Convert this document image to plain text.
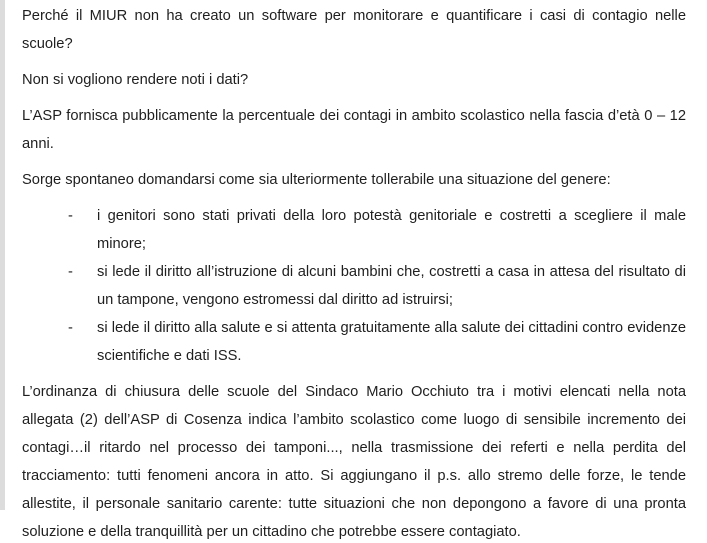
Perché il MIUR non ha creato un software per monitorare e quantificare i casi di contagio nelle scuole?

Non si vogliono rendere noti i dati?

L’ASP fornisca pubblicamente la percentuale dei contagi in ambito scolastico nella fascia d’età 0 – 12 anni.

Sorge spontaneo domandarsi come sia ulteriormente tollerabile una situazione del genere:

- i genitori sono stati privati della loro potestà genitoriale e costretti a scegliere il male minore;
- si lede il diritto all’istruzione di alcuni bambini che, costretti a casa in attesa del risultato di un tampone, vengono estromessi dal diritto ad istruirsi;
- si lede il diritto alla salute e si attenta gratuitamente alla salute dei cittadini contro evidenze scientifiche e dati ISS.

L’ordinanza di chiusura delle scuole del Sindaco Mario Occhiuto tra i motivi elencati nella nota allegata (2) dell’ASP di Cosenza indica l’ambito scolastico come luogo di sensibile incremento dei contagi…il ritardo nel processo dei tamponi..., nella trasmissione dei referti e nella perdita del tracciamento: tutti fenomeni ancora in atto. Si aggiungano il p.s. allo stremo delle forze, le tende allestite, il personale sanitario carente: tutte situazioni che non depongono a favore di una pronta soluzione e della tranquillità per un cittadino che potrebbe essere contagiato.
